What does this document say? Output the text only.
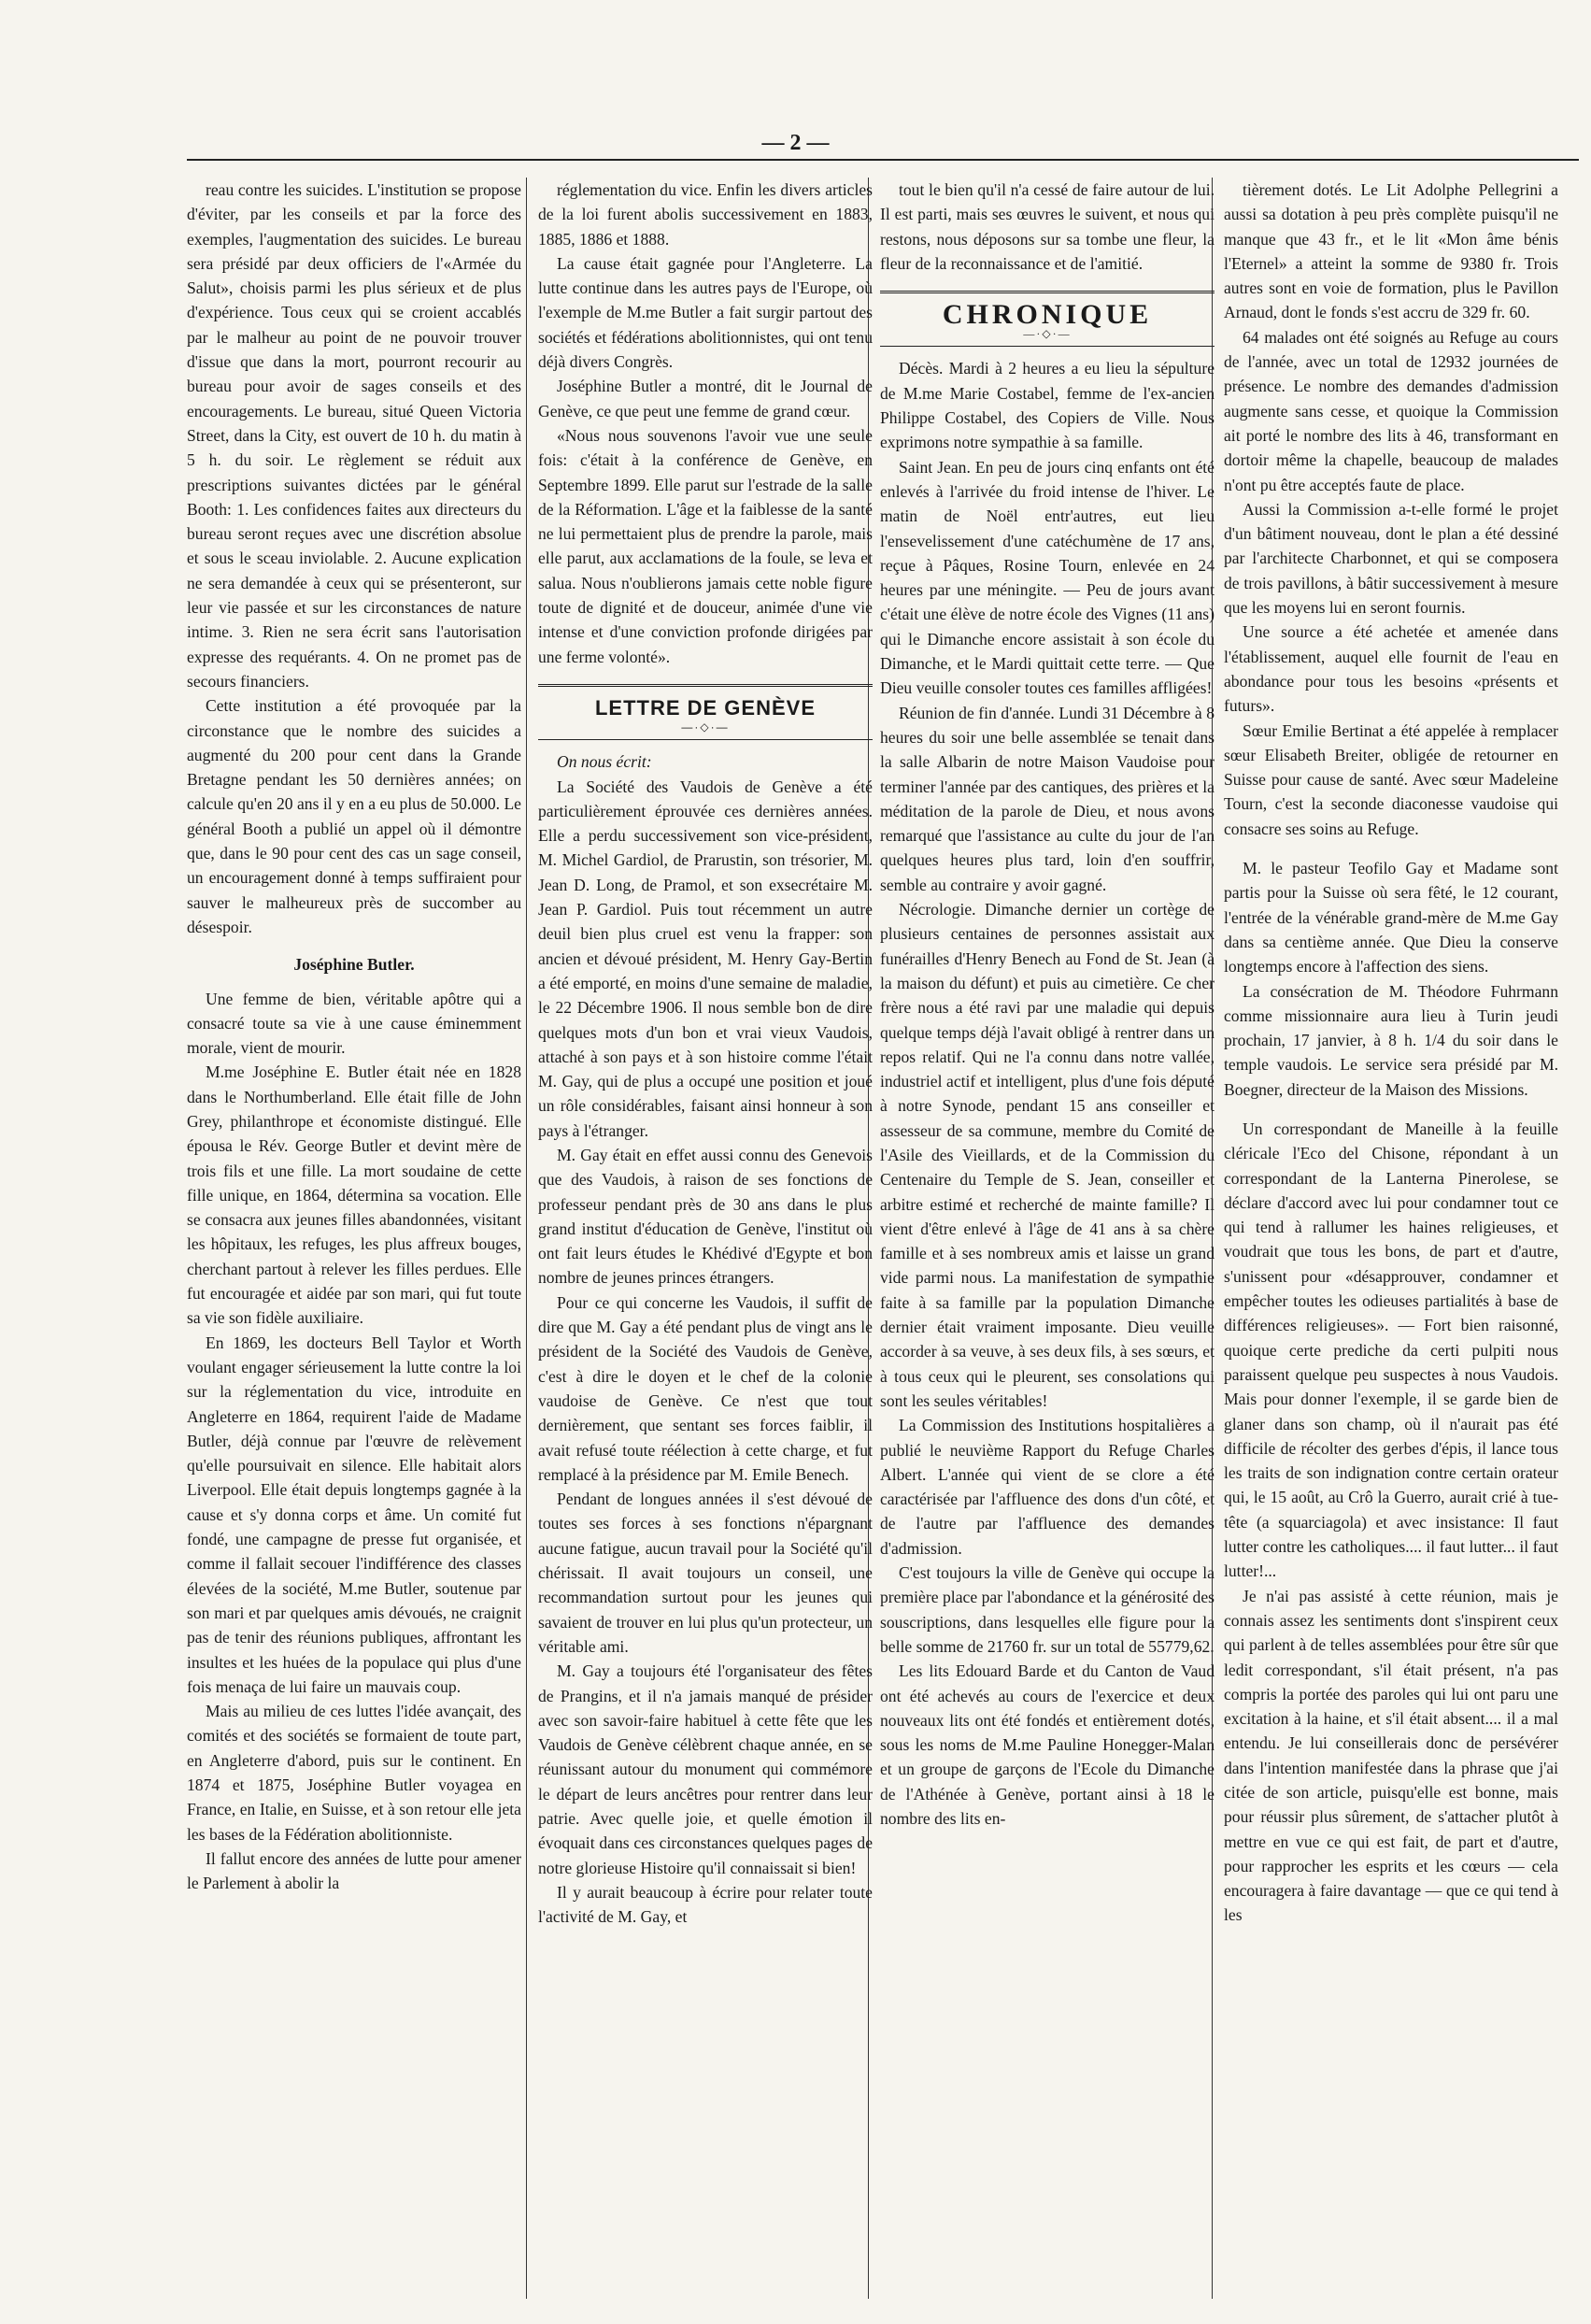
— 2 —

reau contre les suicides. L'institution se propose d'éviter, par les conseils et par la force des exemples, l'augmentation des suicides. Le bureau sera présidé par deux officiers de l'«Armée du Salut», choisis parmi les plus sérieux et de plus d'expérience. Tous ceux qui se croient accablés par le malheur au point de ne pouvoir trouver d'issue que dans la mort, pourront recourir au bureau pour avoir de sages conseils et des encouragements. Le bureau, situé Queen Victoria Street, dans la City, est ouvert de 10 h. du matin à 5 h. du soir. Le règlement se réduit aux prescriptions suivantes dictées par le général Booth: 1. Les confidences faites aux directeurs du bureau seront reçues avec une discrétion absolue et sous le sceau inviolable. 2. Aucune explication ne sera demandée à ceux qui se présenteront, sur leur vie passée et sur les circonstances de nature intime. 3. Rien ne sera écrit sans l'autorisation expresse des requérants. 4. On ne promet pas de secours financiers.

Cette institution a été provoquée par la circonstance que le nombre des suicides a augmenté du 200 pour cent dans la Grande Bretagne pendant les 50 dernières années; on calcule qu'en 20 ans il y en a eu plus de 50.000. Le général Booth a publié un appel où il démontre que, dans le 90 pour cent des cas un sage conseil, un encouragement donné à temps suffiraient pour sauver le malheureux près de succomber au désespoir.

Joséphine Butler.

Une femme de bien, véritable apôtre qui a consacré toute sa vie à une cause éminemment morale, vient de mourir.

M.me Joséphine E. Butler était née en 1828 dans le Northumberland. Elle était fille de John Grey, philanthrope et économiste distingué. Elle épousa le Rév. George Butler et devint mère de trois fils et une fille. La mort soudaine de cette fille unique, en 1864, détermina sa vocation. Elle se consacra aux jeunes filles abandonnées, visitant les hôpitaux, les refuges, les plus affreux bouges, cherchant partout à relever les filles perdues. Elle fut encouragée et aidée par son mari, qui fut toute sa vie son fidèle auxiliaire.

En 1869, les docteurs Bell Taylor et Worth voulant engager sérieusement la lutte contre la loi sur la réglementation du vice, introduite en Angleterre en 1864, requirent l'aide de Madame Butler, déjà connue par l'œuvre de relèvement qu'elle poursuivait en silence. Elle habitait alors Liverpool. Elle était depuis longtemps gagnée à la cause et s'y donna corps et âme. Un comité fut fondé, une campagne de presse fut organisée, et comme il fallait secouer l'indifférence des classes élevées de la société, M.me Butler, soutenue par son mari et par quelques amis dévoués, ne craignit pas de tenir des réunions publiques, affrontant les insultes et les huées de la populace qui plus d'une fois menaça de lui faire un mauvais coup.

Mais au milieu de ces luttes l'idée avançait, des comités et des sociétés se formaient de toute part, en Angleterre d'abord, puis sur le continent. En 1874 et 1875, Joséphine Butler voyagea en France, en Italie, en Suisse, et à son retour elle jeta les bases de la Fédération abolitionniste.

Il fallut encore des années de lutte pour amener le Parlement à abolir la

réglementation du vice. Enfin les divers articles de la loi furent abolis successivement en 1883, 1885, 1886 et 1888.

La cause était gagnée pour l'Angleterre. La lutte continue dans les autres pays de l'Europe, où l'exemple de M.me Butler a fait surgir partout des sociétés et fédérations abolitionnistes, qui ont tenu déjà divers Congrès.

Joséphine Butler a montré, dit le Journal de Genève, ce que peut une femme de grand cœur.

«Nous nous souvenons l'avoir vue une seule fois: c'était à la conférence de Genève, en Septembre 1899. Elle parut sur l'estrade de la salle de la Réformation. L'âge et la faiblesse de la santé ne lui permettaient plus de prendre la parole, mais elle parut, aux acclamations de la foule, se leva et salua. Nous n'oublierons jamais cette noble figure toute de dignité et de douceur, animée d'une vie intense et d'une conviction profonde dirigées par une ferme volonté».

LETTRE DE GENÈVE
—·◇·—

On nous écrit:

La Société des Vaudois de Genève a été particulièrement éprouvée ces dernières années. Elle a perdu successivement son vice-président, M. Michel Gardiol, de Prarustin, son trésorier, M. Jean D. Long, de Pramol, et son exsecrétaire M. Jean P. Gardiol. Puis tout récemment un autre deuil bien plus cruel est venu la frapper: son ancien et dévoué président, M. Henry Gay-Bertin a été emporté, en moins d'une semaine de maladie, le 22 Décembre 1906. Il nous semble bon de dire quelques mots d'un bon et vrai vieux Vaudois, attaché à son pays et à son histoire comme l'était M. Gay, qui de plus a occupé une position et joué un rôle considérables, faisant ainsi honneur à son pays à l'étranger.

M. Gay était en effet aussi connu des Genevois que des Vaudois, à raison de ses fonctions de professeur pendant près de 30 ans dans le plus grand institut d'éducation de Genève, l'institut où ont fait leurs études le Khédivé d'Egypte et bon nombre de jeunes princes étrangers.

Pour ce qui concerne les Vaudois, il suffit de dire que M. Gay a été pendant plus de vingt ans le président de la Société des Vaudois de Genève, c'est à dire le doyen et le chef de la colonie vaudoise de Genève. Ce n'est que tout dernièrement, que sentant ses forces faiblir, il avait refusé toute réélection à cette charge, et fut remplacé à la présidence par M. Emile Benech.

Pendant de longues années il s'est dévoué de toutes ses forces à ses fonctions n'épargnant aucune fatigue, aucun travail pour la Société qu'il chérissait. Il avait toujours un conseil, une recommandation surtout pour les jeunes qui savaient de trouver en lui plus qu'un protecteur, un véritable ami.

M. Gay a toujours été l'organisateur des fêtes de Prangins, et il n'a jamais manqué de présider avec son savoir-faire habituel à cette fête que les Vaudois de Genève célèbrent chaque année, en se réunissant autour du monument qui commémore le départ de leurs ancêtres pour rentrer dans leur patrie. Avec quelle joie, et quelle émotion il évoquait dans ces circonstances quelques pages de notre glorieuse Histoire qu'il connaissait si bien!

Il y aurait beaucoup à écrire pour relater toute l'activité de M. Gay, et

tout le bien qu'il n'a cessé de faire autour de lui. Il est parti, mais ses œuvres le suivent, et nous qui restons, nous déposons sur sa tombe une fleur, la fleur de la reconnaissance et de l'amitié.

CHRONIQUE
—·◇·—

Décès. Mardi à 2 heures a eu lieu la sépulture de M.me Marie Costabel, femme de l'ex-ancien Philippe Costabel, des Copiers de Ville. Nous exprimons notre sympathie à sa famille.

Saint Jean. En peu de jours cinq enfants ont été enlevés à l'arrivée du froid intense de l'hiver. Le matin de Noël entr'autres, eut lieu l'ensevelissement d'une catéchumène de 17 ans, reçue à Pâques, Rosine Tourn, enlevée en 24 heures par une méningite. — Peu de jours avant c'était une élève de notre école des Vignes (11 ans) qui le Dimanche encore assistait à son école du Dimanche, et le Mardi quittait cette terre. — Que Dieu veuille consoler toutes ces familles affligées!

Réunion de fin d'année. Lundi 31 Décembre à 8 heures du soir une belle assemblée se tenait dans la salle Albarin de notre Maison Vaudoise pour terminer l'année par des cantiques, des prières et la méditation de la parole de Dieu, et nous avons remarqué que l'assistance au culte du jour de l'an quelques heures plus tard, loin d'en souffrir, semble au contraire y avoir gagné.

Nécrologie. Dimanche dernier un cortège de plusieurs centaines de personnes assistait aux funérailles d'Henry Benech au Fond de St. Jean (à la maison du défunt) et puis au cimetière. Ce cher frère nous a été ravi par une maladie qui depuis quelque temps déjà l'avait obligé à rentrer dans un repos relatif. Qui ne l'a connu dans notre vallée, industriel actif et intelligent, plus d'une fois député à notre Synode, pendant 15 ans conseiller et assesseur de sa commune, membre du Comité de l'Asile des Vieillards, et de la Commission du Centenaire du Temple de S. Jean, conseiller et arbitre estimé et recherché de mainte famille? Il vient d'être enlevé à l'âge de 41 ans à sa chère famille et à ses nombreux amis et laisse un grand vide parmi nous. La manifestation de sympathie faite à sa famille par la population Dimanche dernier était vraiment imposante. Dieu veuille accorder à sa veuve, à ses deux fils, à ses sœurs, et à tous ceux qui le pleurent, ses consolations qui sont les seules véritables!

La Commission des Institutions hospitalières a publié le neuvième Rapport du Refuge Charles Albert. L'année qui vient de se clore a été caractérisée par l'affluence des dons d'un côté, et de l'autre par l'affluence des demandes d'admission.

C'est toujours la ville de Genève qui occupe la première place par l'abondance et la générosité des souscriptions, dans lesquelles elle figure pour la belle somme de 21760 fr. sur un total de 55779,62.

Les lits Edouard Barde et du Canton de Vaud ont été achevés au cours de l'exercice et deux nouveaux lits ont été fondés et entièrement dotés, sous les noms de M.me Pauline Honegger-Malan et un groupe de garçons de l'Ecole du Dimanche de l'Athénée à Genève, portant ainsi à 18 le nombre des lits en-

tièrement dotés. Le Lit Adolphe Pellegrini a aussi sa dotation à peu près complète puisqu'il ne manque que 43 fr., et le lit «Mon âme bénis l'Eternel» a atteint la somme de 9380 fr. Trois autres sont en voie de formation, plus le Pavillon Arnaud, dont le fonds s'est accru de 329 fr. 60.

64 malades ont été soignés au Refuge au cours de l'année, avec un total de 12932 journées de présence. Le nombre des demandes d'admission augmente sans cesse, et quoique la Commission ait porté le nombre des lits à 46, transformant en dortoir même la chapelle, beaucoup de malades n'ont pu être acceptés faute de place.

Aussi la Commission a-t-elle formé le projet d'un bâtiment nouveau, dont le plan a été dessiné par l'architecte Charbonnet, et qui se composera de trois pavillons, à bâtir successivement à mesure que les moyens lui en seront fournis.

Une source a été achetée et amenée dans l'établissement, auquel elle fournit de l'eau en abondance pour tous les besoins «présents et futurs».

Sœur Emilie Bertinat a été appelée à remplacer sœur Elisabeth Breiter, obligée de retourner en Suisse pour cause de santé. Avec sœur Madeleine Tourn, c'est la seconde diaconesse vaudoise qui consacre ses soins au Refuge.

M. le pasteur Teofilo Gay et Madame sont partis pour la Suisse où sera fêté, le 12 courant, l'entrée de la vénérable grand-mère de M.me Gay dans sa centième année. Que Dieu la conserve longtemps encore à l'affection des siens.

La consécration de M. Théodore Fuhrmann comme missionnaire aura lieu à Turin jeudi prochain, 17 janvier, à 8 h. 1/4 du soir dans le temple vaudois. Le service sera présidé par M. Boegner, directeur de la Maison des Missions.

Un correspondant de Maneille à la feuille cléricale l'Eco del Chisone, répondant à un correspondant de la Lanterna Pinerolese, se déclare d'accord avec lui pour condamner tout ce qui tend à rallumer les haines religieuses, et voudrait que tous les bons, de part et d'autre, s'unissent pour «désapprouver, condamner et empêcher toutes les odieuses partialités à base de différences religieuses». — Fort bien raisonné, quoique certe prediche da certi pulpiti nous paraissent quelque peu suspectes à nous Vaudois. Mais pour donner l'exemple, il se garde bien de glaner dans son champ, où il n'aurait pas été difficile de récolter des gerbes d'épis, il lance tous les traits de son indignation contre certain orateur qui, le 15 août, au Crô la Guerro, aurait crié à tue-tête (a squarciagola) et avec insistance: Il faut lutter contre les catholiques.... il faut lutter... il faut lutter!...

Je n'ai pas assisté à cette réunion, mais je connais assez les sentiments dont s'inspirent ceux qui parlent à de telles assemblées pour être sûr que ledit correspondant, s'il était présent, n'a pas compris la portée des paroles qui lui ont paru une excitation à la haine, et s'il était absent.... il a mal entendu. Je lui conseillerais donc de persévérer dans l'intention manifestée dans la phrase que j'ai citée de son article, puisqu'elle est bonne, mais pour réussir plus sûrement, de s'attacher plutôt à mettre en vue ce qui est fait, de part et d'autre, pour rapprocher les esprits et les cœurs — cela encouragera à faire davantage — que ce qui tend à les
